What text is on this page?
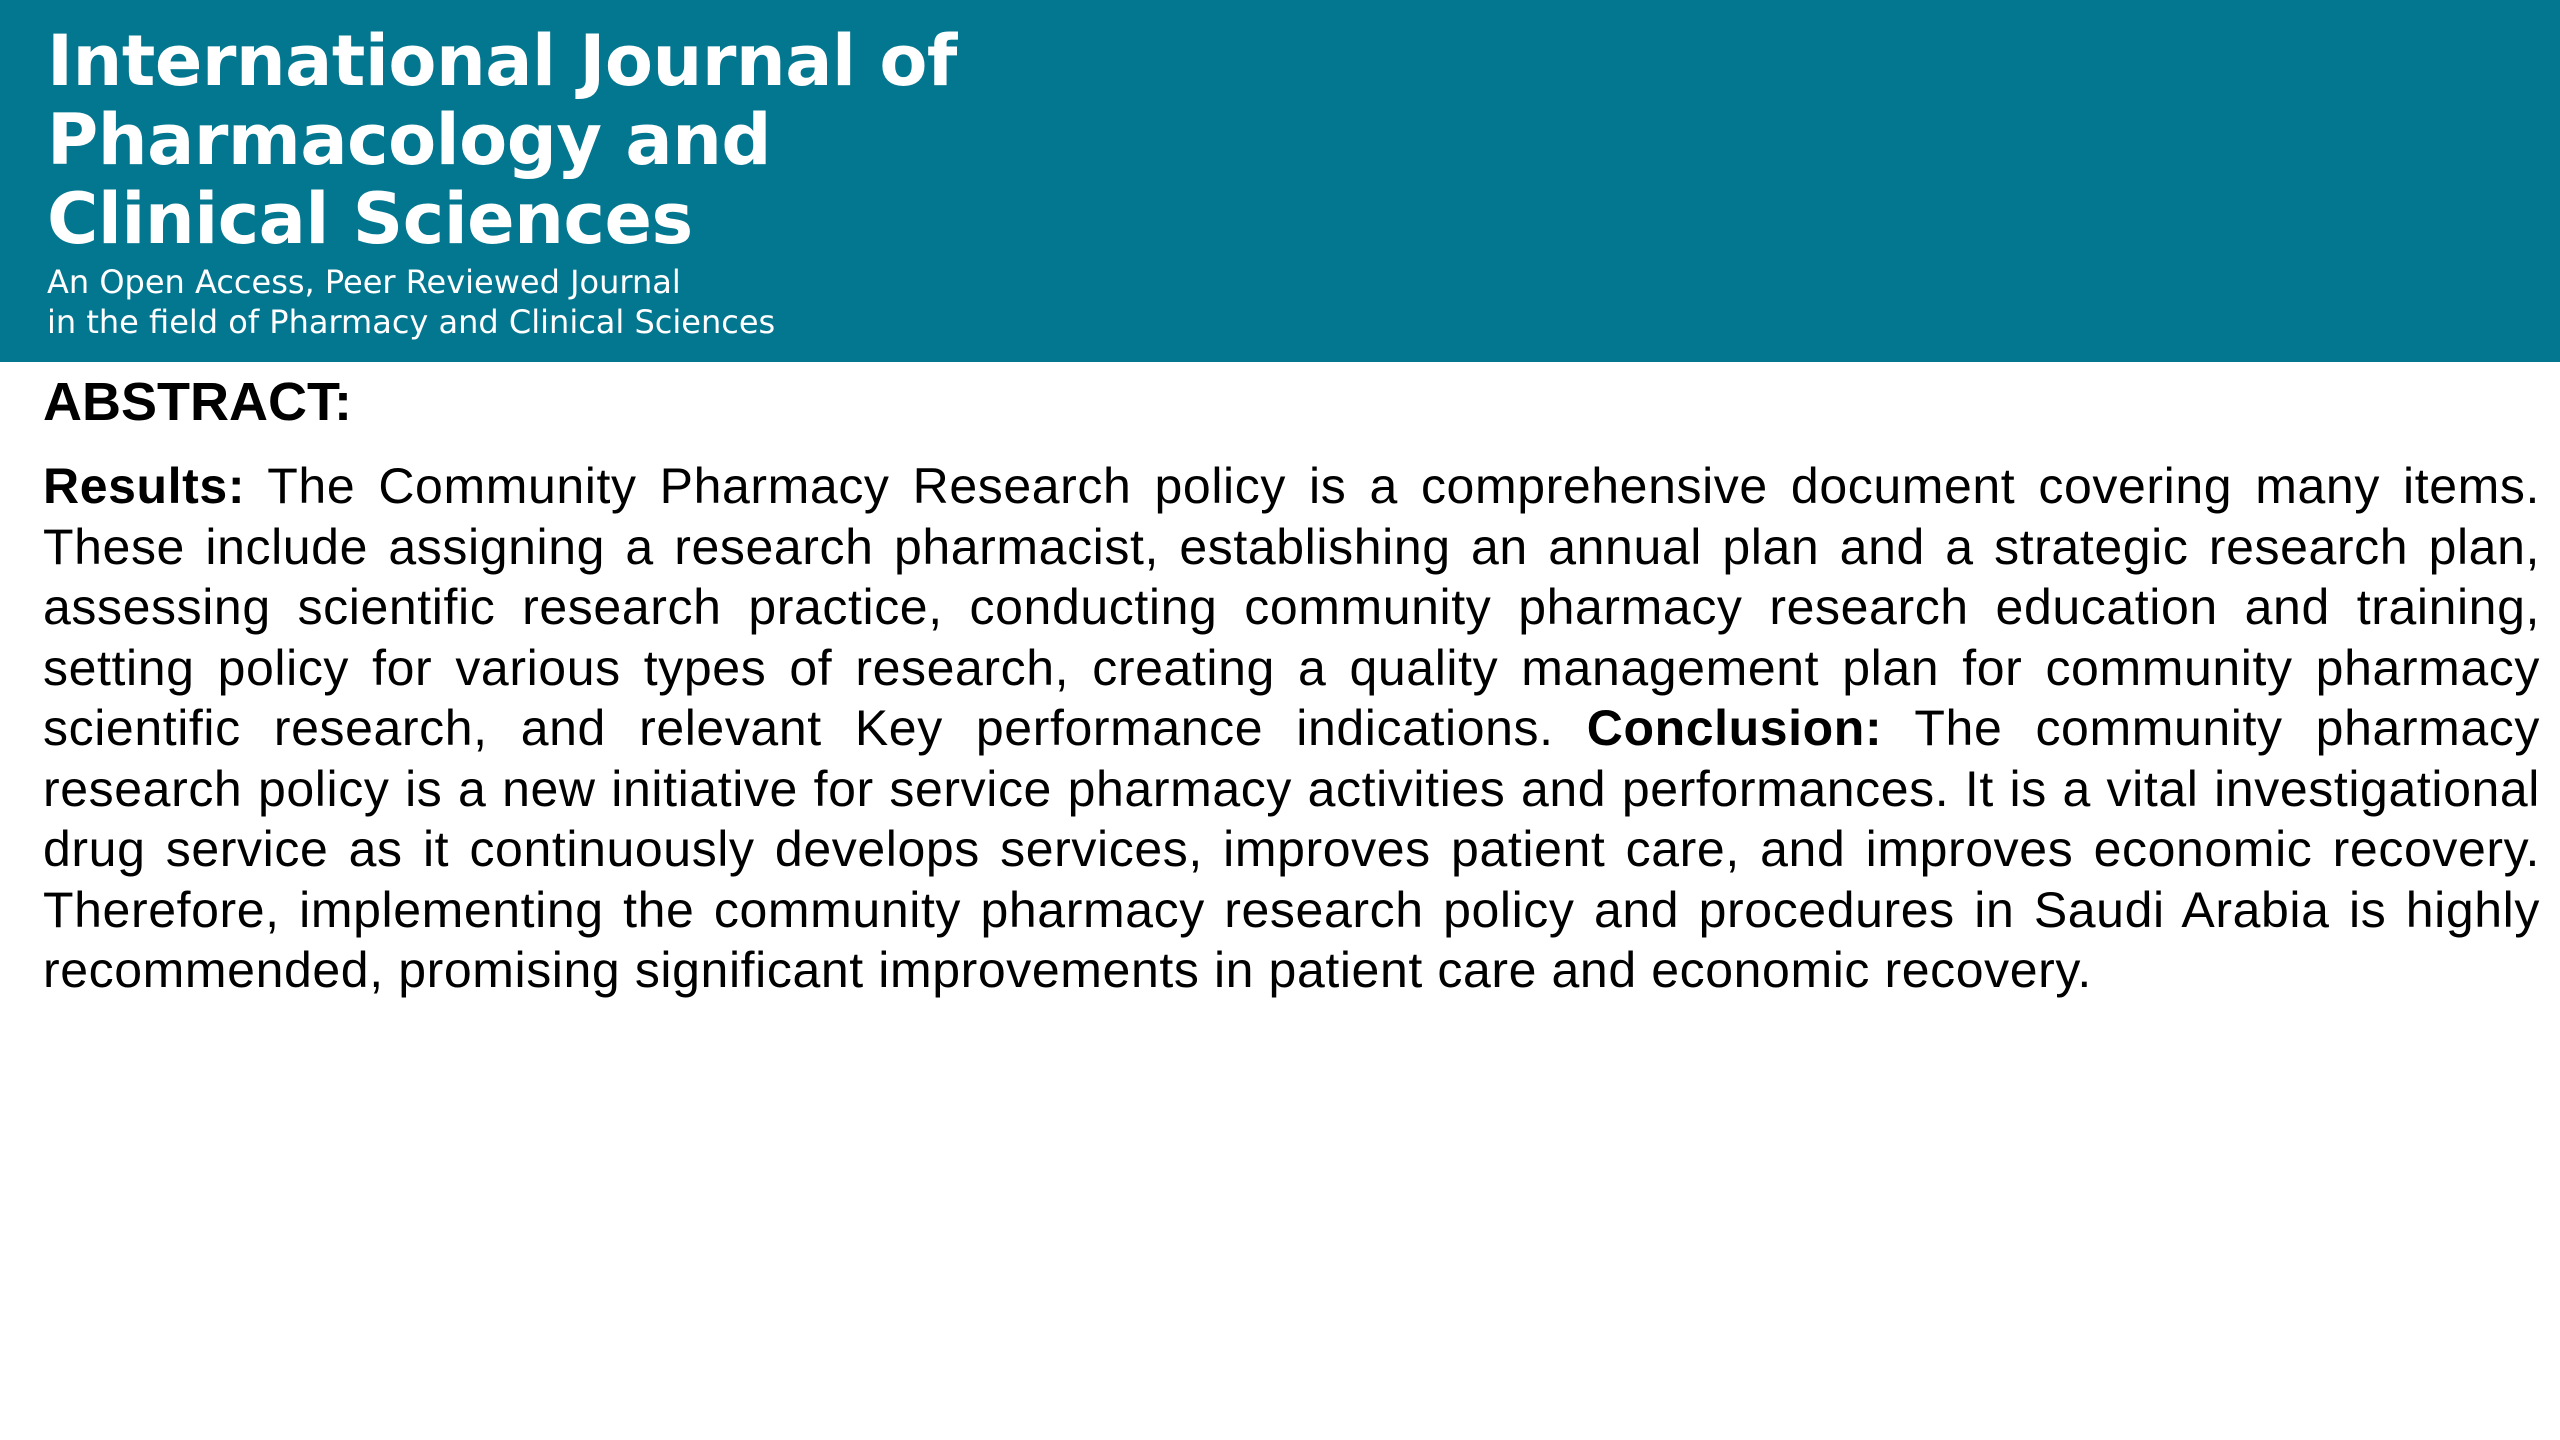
International Journal of
Pharmacology and
Clinical Sciences

An Open Access, Peer Reviewed Journal
in the field of Pharmacy and Clinical Sciences

ABSTRACT:

Results: The Community Pharmacy Research policy is a comprehensive document covering many items. These include assigning a research pharmacist, establishing an annual plan and a strategic research plan, assessing scientific research practice, conducting community pharmacy research education and training, setting policy for various types of research, creating a quality management plan for community pharmacy scientific research, and relevant Key performance indications. Conclusion: The community pharmacy research policy is a new initiative for service pharmacy activities and performances. It is a vital investigational drug service as it continuously develops services, improves patient care, and improves economic recovery. Therefore, implementing the community pharmacy research policy and procedures in Saudi Arabia is highly recommended, promising significant improvements in patient care and economic recovery.
